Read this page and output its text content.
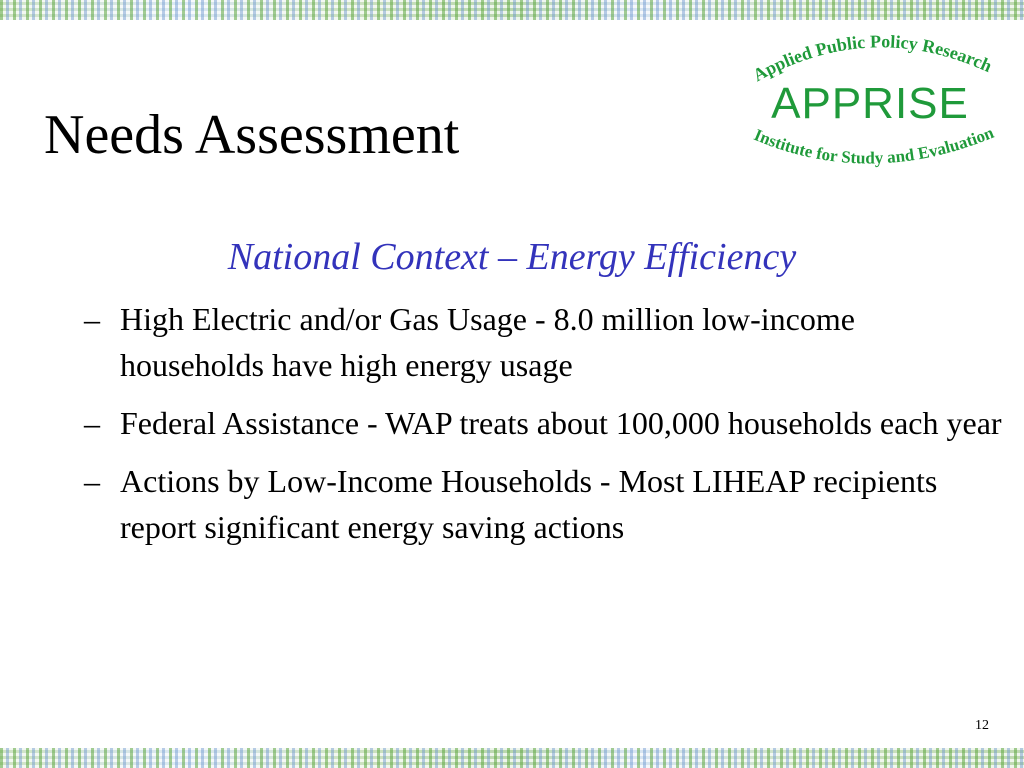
Needs Assessment
Applied Public Policy Research
APPRISE
Institute for Study and Evaluation

National Context – Energy Efficiency

– High Electric and/or Gas Usage - 8.0 million low-income households have high energy usage
– Federal Assistance - WAP treats about 100,000 households each year
– Actions by Low-Income Households - Most LIHEAP recipients report significant energy saving actions
12
